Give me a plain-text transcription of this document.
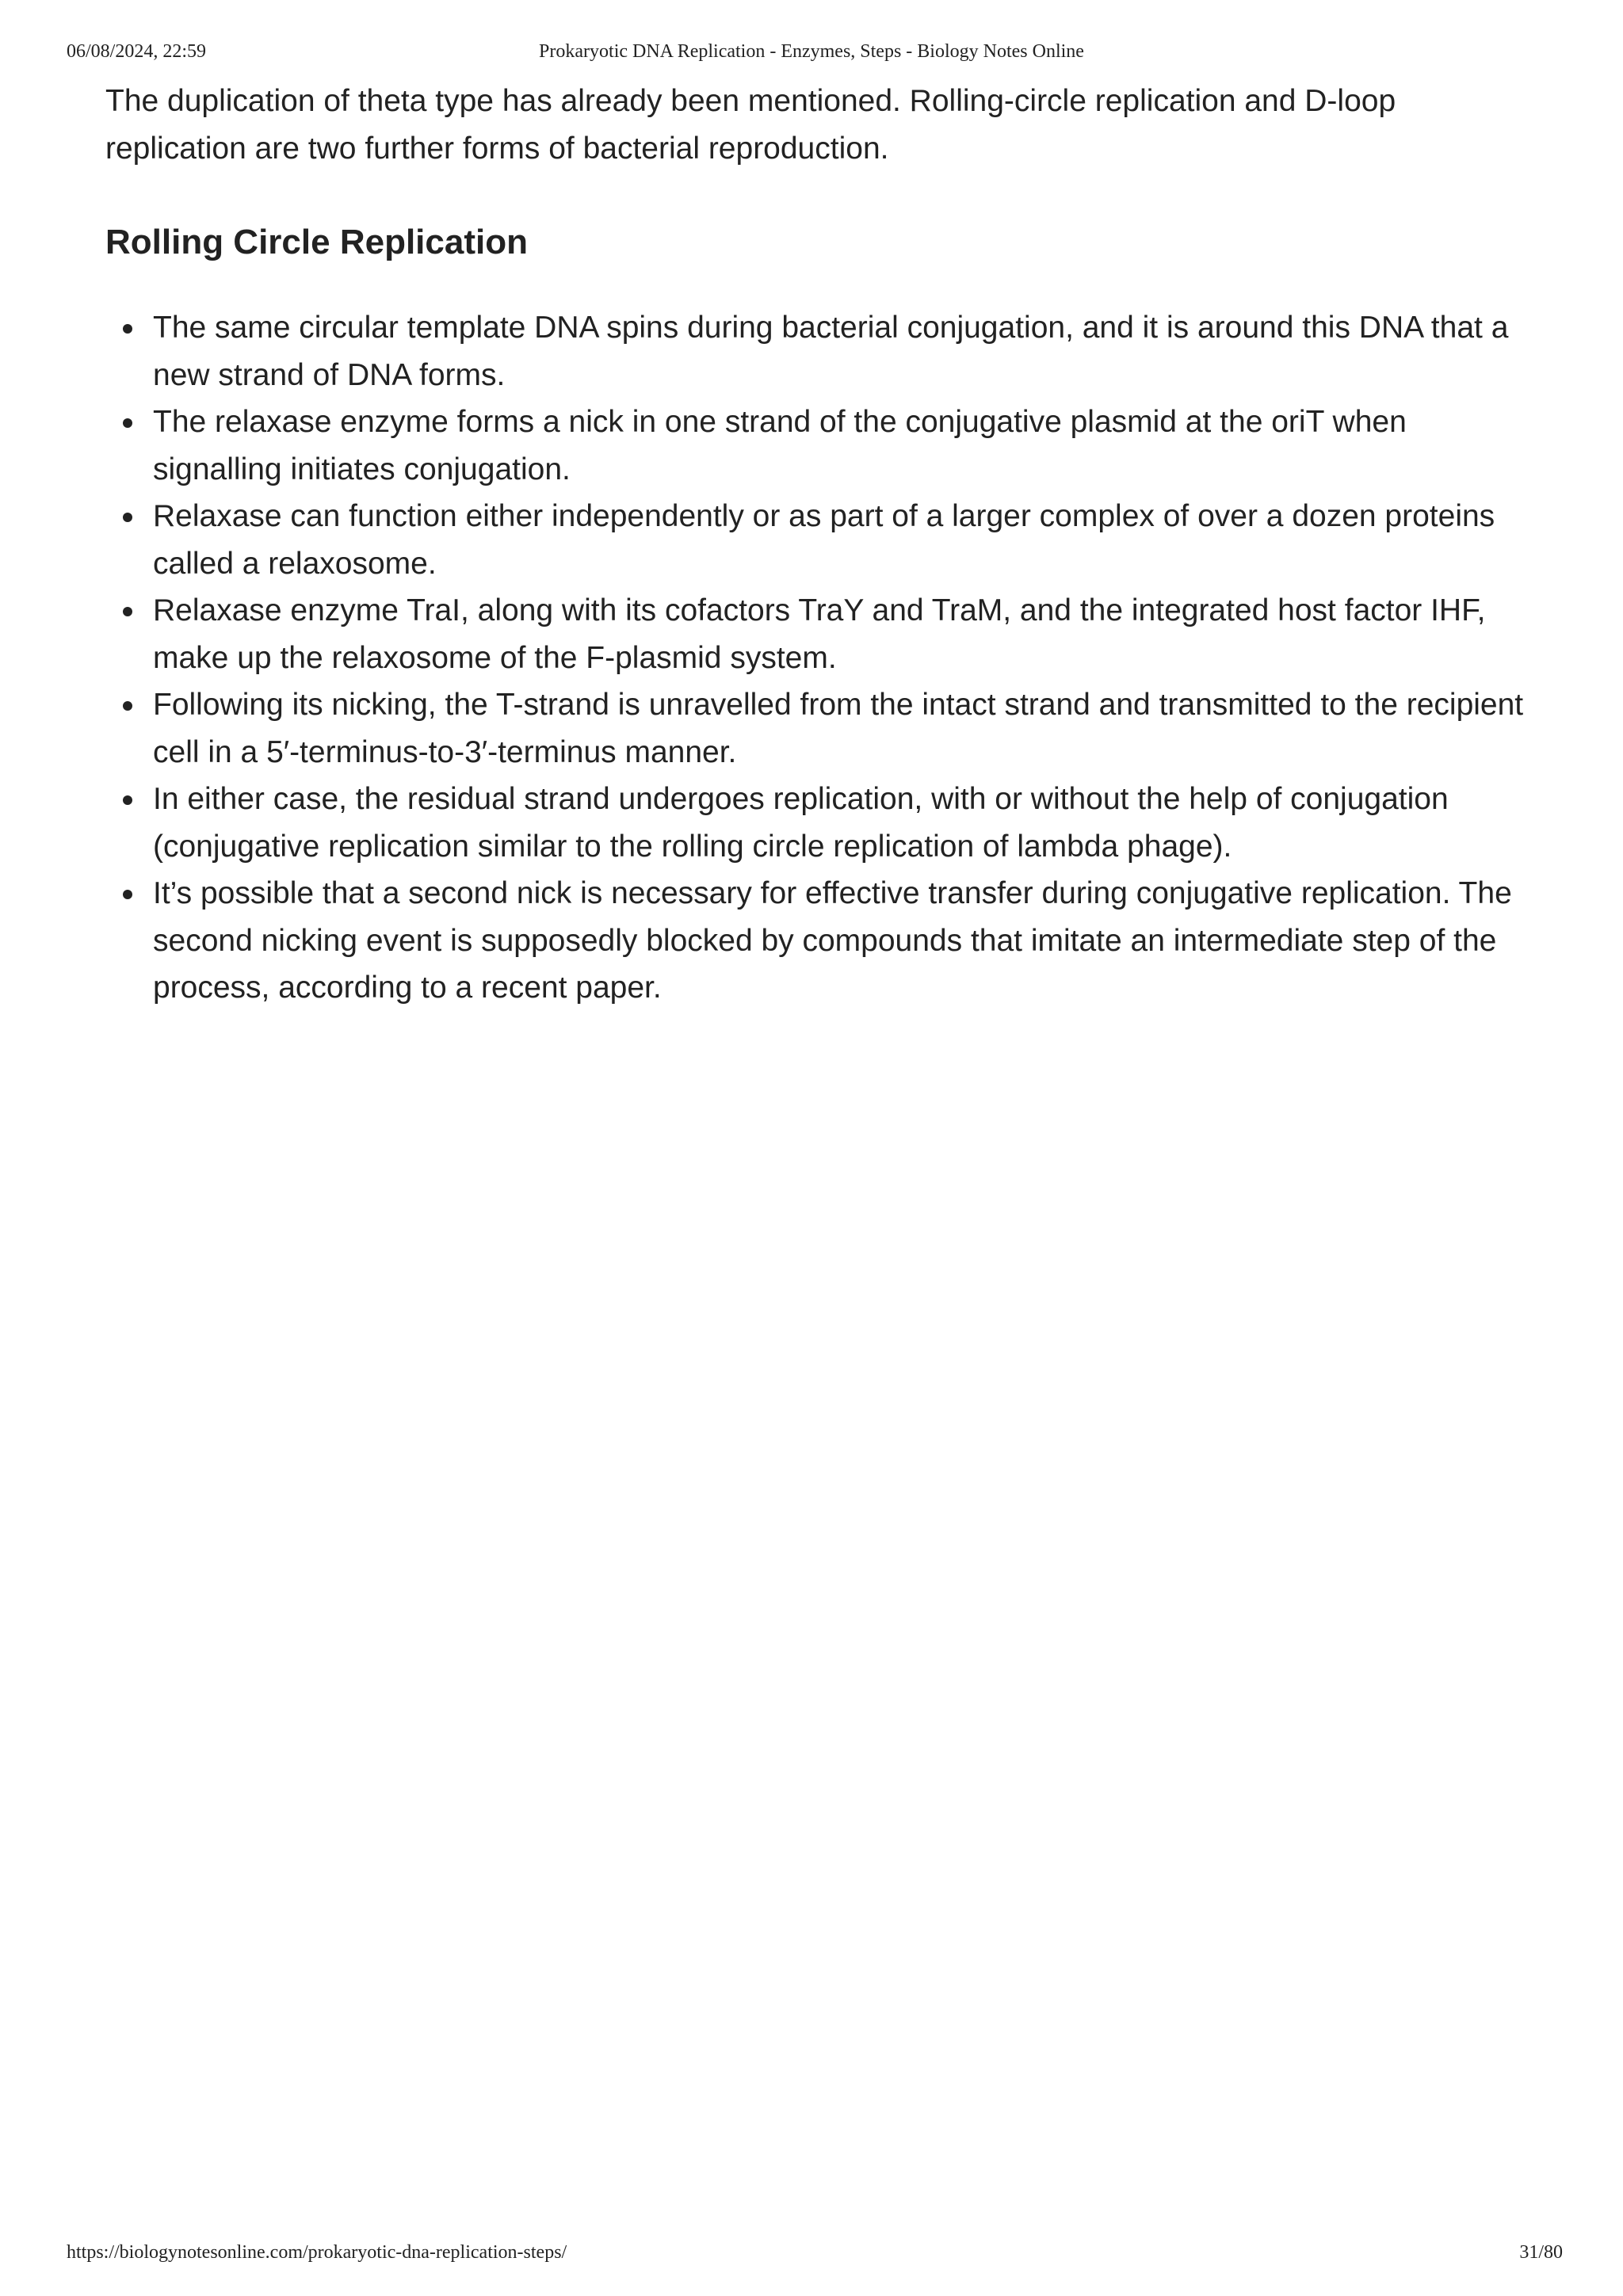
06/08/2024, 22:59	Prokaryotic DNA Replication - Enzymes, Steps - Biology Notes Online

The duplication of theta type has already been mentioned. Rolling-circle replication and D-loop replication are two further forms of bacterial reproduction.

Rolling Circle Replication
The same circular template DNA spins during bacterial conjugation, and it is around this DNA that a new strand of DNA forms.
The relaxase enzyme forms a nick in one strand of the conjugative plasmid at the oriT when signalling initiates conjugation.
Relaxase can function either independently or as part of a larger complex of over a dozen proteins called a relaxosome.
Relaxase enzyme TraI, along with its cofactors TraY and TraM, and the integrated host factor IHF, make up the relaxosome of the F-plasmid system.
Following its nicking, the T-strand is unravelled from the intact strand and transmitted to the recipient cell in a 5′-terminus-to-3′-terminus manner.
In either case, the residual strand undergoes replication, with or without the help of conjugation (conjugative replication similar to the rolling circle replication of lambda phage).
It’s possible that a second nick is necessary for effective transfer during conjugative replication. The second nicking event is supposedly blocked by compounds that imitate an intermediate step of the process, according to a recent paper.
https://biologynotesonline.com/prokaryotic-dna-replication-steps/	31/80
